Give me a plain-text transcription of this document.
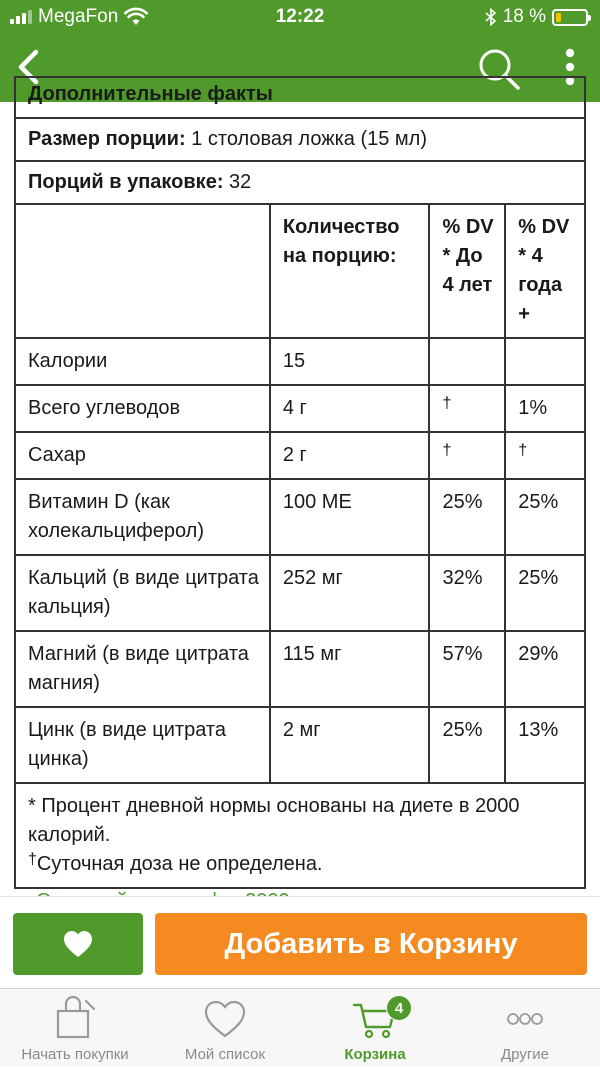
MegaFon	12:22	18 %
Дополнительные факты			
Размер порции: 1 столовая ложка (15 мл)			
Порций в упаковке: 32			
	Количество на порцию:	% DV * До 4 лет	% DV * 4 года +
Калории	15		
Всего углеводов	4 г	†	1%
Сахар	2 г	†	†
Витамин D (как холекальциферол)	100 МЕ	25%	25%
Кальций (в виде цитрата кальция)	252 мг	32%	25%
Магний (в виде цитрата магния)	115 мг	57%	29%
Цинк (в виде цитрата цинка)	2 мг	25%	13%

* Процент дневной нормы основаны на диете в 2000 калорий.
†Суточная доза не определена.			
Добавить в Корзину
Начать покупки	Мой список
4
Корзина	Другие
